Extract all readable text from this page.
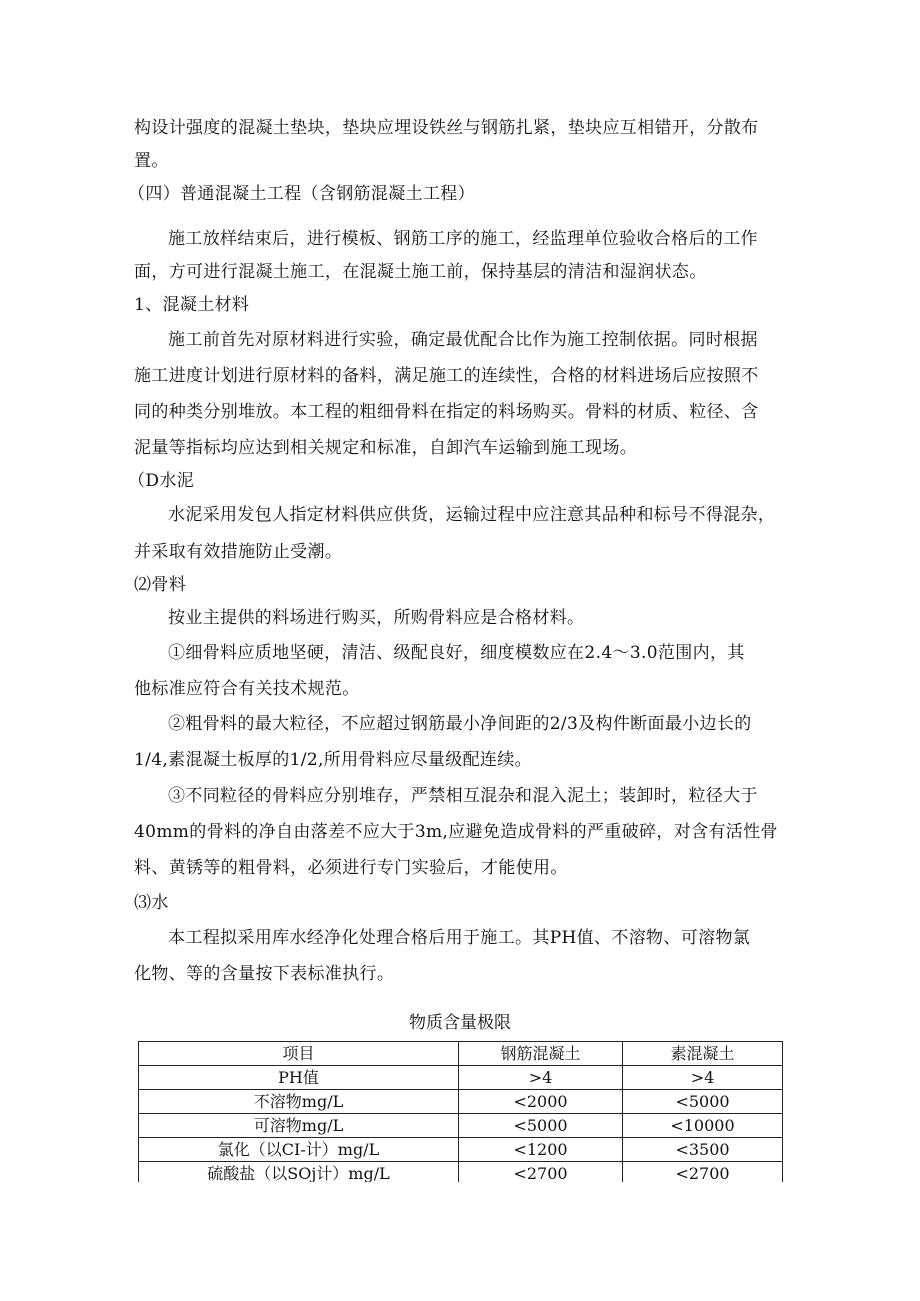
构设计强度的混凝土垫块，垫块应埋设铁丝与钢筋扎紧，垫块应互相错开，分散布
置。
（四）普通混凝土工程（含钢筋混凝土工程）
施工放样结束后，进行模板、钢筋工序的施工，经监理单位验收合格后的工作
面，方可进行混凝土施工，在混凝土施工前，保持基层的清洁和湿润状态。
1、混凝土材料
施工前首先对原材料进行实验，确定最优配合比作为施工控制依据。同时根据
施工进度计划进行原材料的备料，满足施工的连续性，合格的材料进场后应按照不
同的种类分别堆放。本工程的粗细骨料在指定的料场购买。骨料的材质、粒径、含
泥量等指标均应达到相关规定和标准，自卸汽车运输到施工现场。
（D水泥
水泥采用发包人指定材料供应供货，运输过程中应注意其品种和标号不得混杂，
并采取有效措施防止受潮。
⑵骨料
按业主提供的料场进行购买，所购骨料应是合格材料。
①细骨料应质地坚硬，清洁、级配良好，细度模数应在2.4～3.0范围内，其
他标准应符合有关技术规范。
②粗骨料的最大粒径，不应超过钢筋最小净间距的2/3及构件断面最小边长的
1/4,素混凝土板厚的1/2,所用骨料应尽量级配连续。
③不同粒径的骨料应分别堆存，严禁相互混杂和混入泥土；装卸时，粒径大于
40mm的骨料的净自由落差不应大于3m,应避免造成骨料的严重破碎，对含有活性骨
料、黄锈等的粗骨料，必须进行专门实验后，才能使用。
⑶水
本工程拟采用库水经净化处理合格后用于施工。其PH值、不溶物、可溶物氯
化物、等的含量按下表标准执行。
物质含量极限
项目	钢筋混凝土	素混凝土
PH值	>4	>4
不溶物mg/L	<2000	<5000
可溶物mg/L	<5000	<10000
氯化（以CI-计）mg/L	<1200	<3500
硫酸盐（以SOj计）mg/L	<2700	<2700
